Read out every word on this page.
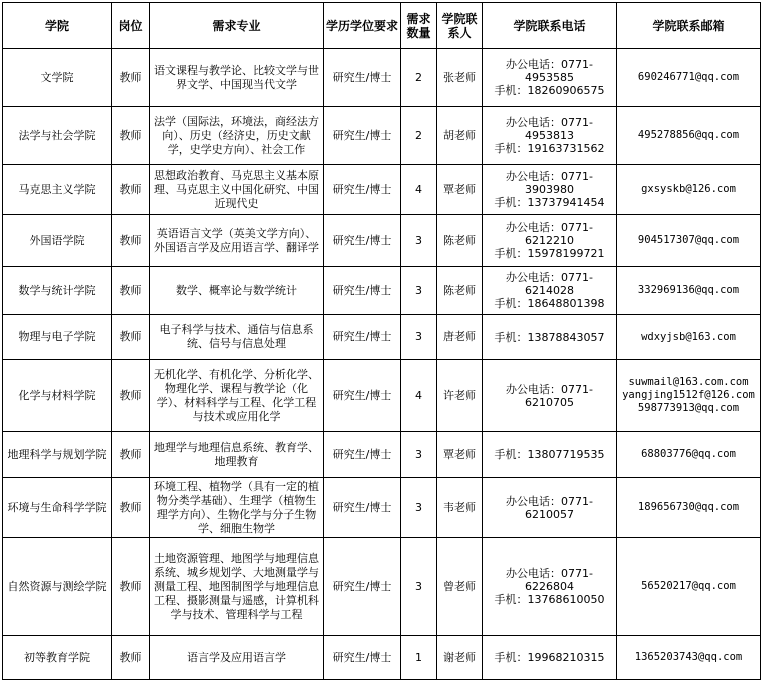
学院	岗位	需求专业	学历学位要求	需求数量	学院联系人	学院联系电话	学院联系邮箱
文学院	教师	语文课程与教学论、比较文学与世界文学、中国现当代文学	研究生/博士	2	张老师	办公电话：0771-4953585
手机：18260906575	690246771@qq.com

法学与社会学院	教师	法学（国际法，环境法，商经法方向）、历史（经济史，历史文献学，史学史方向）、社会工作	研究生/博士	2	胡老师	办公电话：0771-4953813
手机：19163731562	495278856@qq.com

马克思主义学院	教师	思想政治教育、马克思主义基本原理、马克思主义中国化研究、中国近现代史	研究生/博士	4	覃老师	办公电话：0771-3903980
手机：13737941454	gxsyskb@126.com

外国语学院	教师	英语语言文学（英美文学方向）、外国语言学及应用语言学、翻译学	研究生/博士	3	陈老师	办公电话：0771-6212210
手机：15978199721	904517307@qq.com

数学与统计学院	教师	数学、概率论与数学统计	研究生/博士	3	陈老师	办公电话：0771-6214028
手机：18648801398	332969136@qq.com

物理与电子学院	教师	电子科学与技术、通信与信息系统、信号与信息处理	研究生/博士	3	唐老师	手机：13878843057	wdxyjsb@163.com

化学与材料学院	教师	无机化学、有机化学、分析化学、物理化学、课程与教学论（化学）、材料科学与工程、化学工程与技术或应用化学	研究生/博士	4	许老师	办公电话：0771-6210705	suwmail@163.com.com
yangjing1512f@126.com
598773913@qq.com

地理科学与规划学院	教师	地理学与地理信息系统、教育学、地理教育	研究生/博士	3	覃老师	手机：13807719535	68803776@qq.com

环境与生命科学学院	教师	环境工程、植物学（具有一定的植物分类学基础）、生理学（植物生理学方向）、生物化学与分子生物学、细胞生物学	研究生/博士	3	韦老师	办公电话：0771-6210057	189656730@qq.com

自然资源与测绘学院	教师	土地资源管理、地图学与地理信息系统、城乡规划学、大地测量学与测量工程、地图制图学与地理信息工程、摄影测量与遥感，计算机科学与技术、管理科学与工程	研究生/博士	3	曾老师	办公电话：0771-6226804
手机：13768610050	56520217@qq.com

初等教育学院	教师	语言学及应用语言学	研究生/博士	1	谢老师	手机：19968210315	1365203743@qq.com
